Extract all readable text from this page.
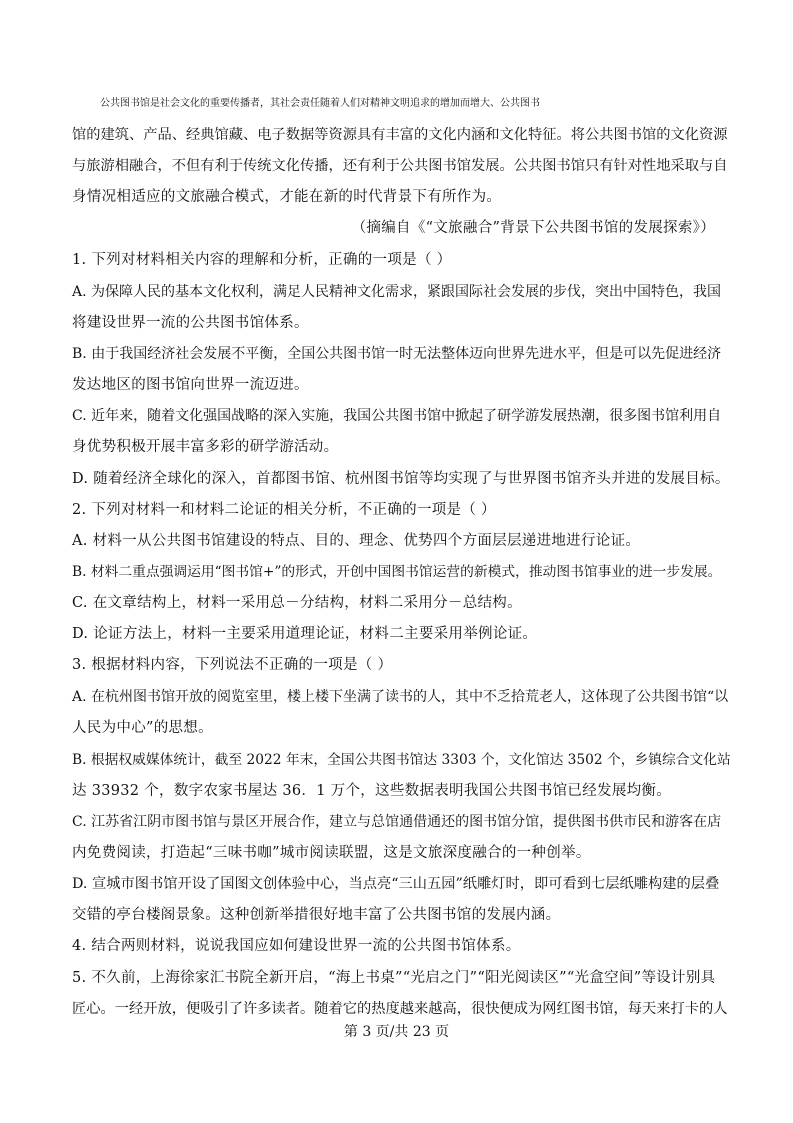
公共图书馆是社会文化的重要传播者，其社会责任随着人们对精神文明追求的增加而增大、公共图书
馆的建筑、产品、经典馆藏、电子数据等资源具有丰富的文化内涵和文化特征。将公共图书馆的文化资源
与旅游相融合，不但有利于传统文化传播，还有利于公共图书馆发展。公共图书馆只有针对性地采取与自
身情况相适应的文旅融合模式，才能在新的时代背景下有所作为。
（摘编自《“文旅融合”背景下公共图书馆的发展探索》）
1. 下列对材料相关内容的理解和分析，正确的一项是（ ）
A. 为保障人民的基本文化权利，满足人民精神文化需求，紧跟国际社会发展的步伐，突出中国特色，我国
将建设世界一流的公共图书馆体系。
B. 由于我国经济社会发展不平衡，全国公共图书馆一时无法整体迈向世界先进水平，但是可以先促进经济
发达地区的图书馆向世界一流迈进。
C. 近年来，随着文化强国战略的深入实施，我国公共图书馆中掀起了研学游发展热潮，很多图书馆利用自
身优势积极开展丰富多彩的研学游活动。
D. 随着经济全球化的深入，首都图书馆、杭州图书馆等均实现了与世界图书馆齐头并进的发展目标。
2. 下列对材料一和材料二论证的相关分析，不正确的一项是（ ）
A. 材料一从公共图书馆建设的特点、目的、理念、优势四个方面层层递进地进行论证。
B. 材料二重点强调运用“图书馆+”的形式，开创中国图书馆运营的新模式，推动图书馆事业的进一步发展。
C. 在文章结构上，材料一采用总－分结构，材料二采用分－总结构。
D. 论证方法上，材料一主要采用道理论证，材料二主要采用举例论证。
3. 根据材料内容，下列说法不正确的一项是（ ）
A. 在杭州图书馆开放的阅览室里，楼上楼下坐满了读书的人，其中不乏拾荒老人，这体现了公共图书馆“以
人民为中心”的思想。
B. 根据权威媒体统计，截至 2022 年末，全国公共图书馆达 3303 个，文化馆达 3502 个，乡镇综合文化站
达 33932 个，数字农家书屋达 36．1 万个，这些数据表明我国公共图书馆已经发展均衡。
C. 江苏省江阴市图书馆与景区开展合作，建立与总馆通借通还的图书馆分馆，提供图书供市民和游客在店
内免费阅读，打造起“三味书咖”城市阅读联盟，这是文旅深度融合的一种创举。
D. 宣城市图书馆开设了国图文创体验中心，当点亮“三山五园”纸雕灯时，即可看到七层纸雕构建的层叠
交错的亭台楼阁景象。这种创新举措很好地丰富了公共图书馆的发展内涵。
4. 结合两则材料，说说我国应如何建设世界一流的公共图书馆体系。
5. 不久前，上海徐家汇书院全新开启，“海上书桌”“光启之门”“阳光阅读区”“光盒空间”等设计别具
匠心。一经开放，便吸引了许多读者。随着它的热度越来越高，很快便成为网红图书馆，每天来打卡的人
第 3 页/共 23 页
